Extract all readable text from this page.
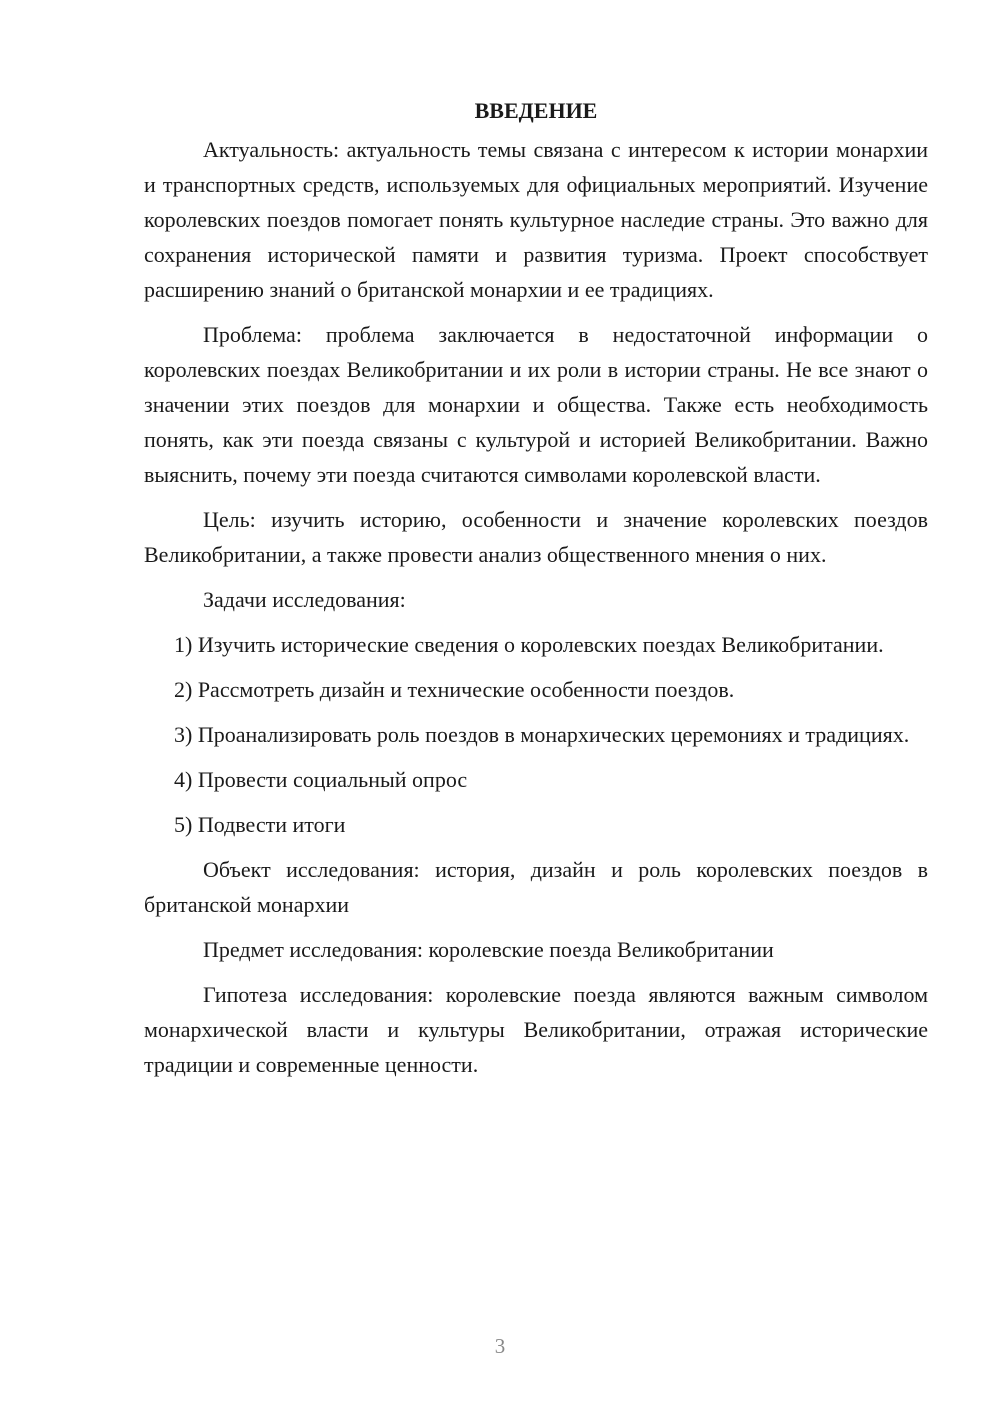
ВВЕДЕНИЕ

Актуальность: актуальность темы связана с интересом к истории монархии и транспортных средств, используемых для официальных мероприятий. Изучение королевских поездов помогает понять культурное наследие страны. Это важно для сохранения исторической памяти и развития туризма. Проект способствует расширению знаний о британской монархии и ее традициях.

Проблема: проблема заключается в недостаточной информации о королевских поездах Великобритании и их роли в истории страны. Не все знают о значении этих поездов для монархии и общества. Также есть необходимость понять, как эти поезда связаны с культурой и историей Великобритании. Важно выяснить, почему эти поезда считаются символами королевской власти.

Цель: изучить историю, особенности и значение королевских поездов Великобритании, а также провести анализ общественного мнения о них.

Задачи исследования:

1) Изучить исторические сведения о королевских поездах Великобритании.

2) Рассмотреть дизайн и технические особенности поездов.

3) Проанализировать роль поездов в монархических церемониях и традициях.

4) Провести социальный опрос

5) Подвести итоги

Объект исследования: история, дизайн и роль королевских поездов в британской монархии

Предмет исследования: королевские поезда Великобритании

Гипотеза исследования: королевские поезда являются важным символом монархической власти и культуры Великобритании, отражая исторические традиции и современные ценности.

3
